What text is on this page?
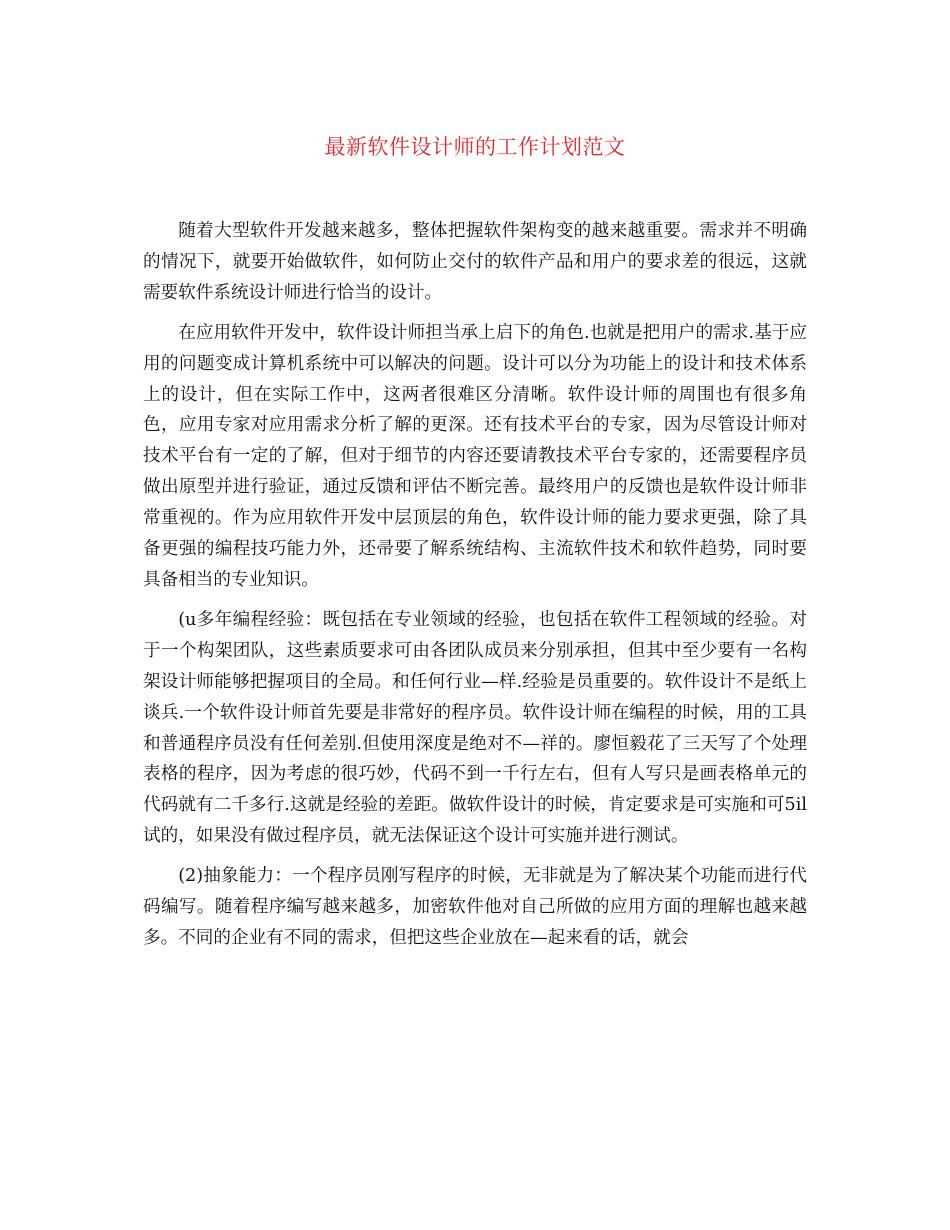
最新软件设计师的工作计划范文

随着大型软件开发越来越多，整体把握软件架构变的越来越重要。需求并不明确的情况下，就要开始做软件，如何防止交付的软件产品和用户的要求差的很远，这就需要软件系统设计师进行恰当的设计。

在应用软件开发中，软件设计师担当承上启下的角色.也就是把用户的需求.基于应用的问题变成计算机系统中可以解决的问题。设计可以分为功能上的设计和技术体系上的设计，但在实际工作中，这两者很难区分清晰。软件设计师的周围也有很多角色，应用专家对应用需求分析了解的更深。还有技术平台的专家，因为尽管设计师对技术平台有一定的了解，但对于细节的内容还要请教技术平台专家的，还需要程序员做出原型并进行验证，通过反馈和评估不断完善。最终用户的反馈也是软件设计师非常重视的。作为应用软件开发中层顶层的角色，软件设计师的能力要求更强，除了具备更强的编程技巧能力外，还帚要了解系统结构、主流软件技术和软件趋势，同时要具备相当的专业知识。

(u多年编程经验：既包括在专业领域的经验，也包括在软件工程领域的经验。对于一个构架团队，这些素质要求可由各团队成员来分别承担，但其中至少要有一名构架设计师能够把握项目的全局。和任何行业—样.经验是员重要的。软件设计不是纸上谈兵.一个软件设计师首先要是非常好的程序员。软件设计师在编程的时候，用的工具和普通程序员没有任何差别.但使用深度是绝对不—祥的。廖恒毅花了三天写了个处理表格的程序，因为考虑的很巧妙，代码不到一千行左右，但有人写只是画表格单元的代码就有二千多行.这就是经验的差距。做软件设计的时候，肯定要求是可实施和可5il试的，如果没有做过程序员，就无法保证这个设计可实施并进行测试。

(2)抽象能力：一个程序员刚写程序的时候，无非就是为了解决某个功能而进行代码编写。随着程序编写越来越多，加密软件他对自己所做的应用方面的理解也越来越多。不同的企业有不同的需求，但把这些企业放在—起来看的话，就会
